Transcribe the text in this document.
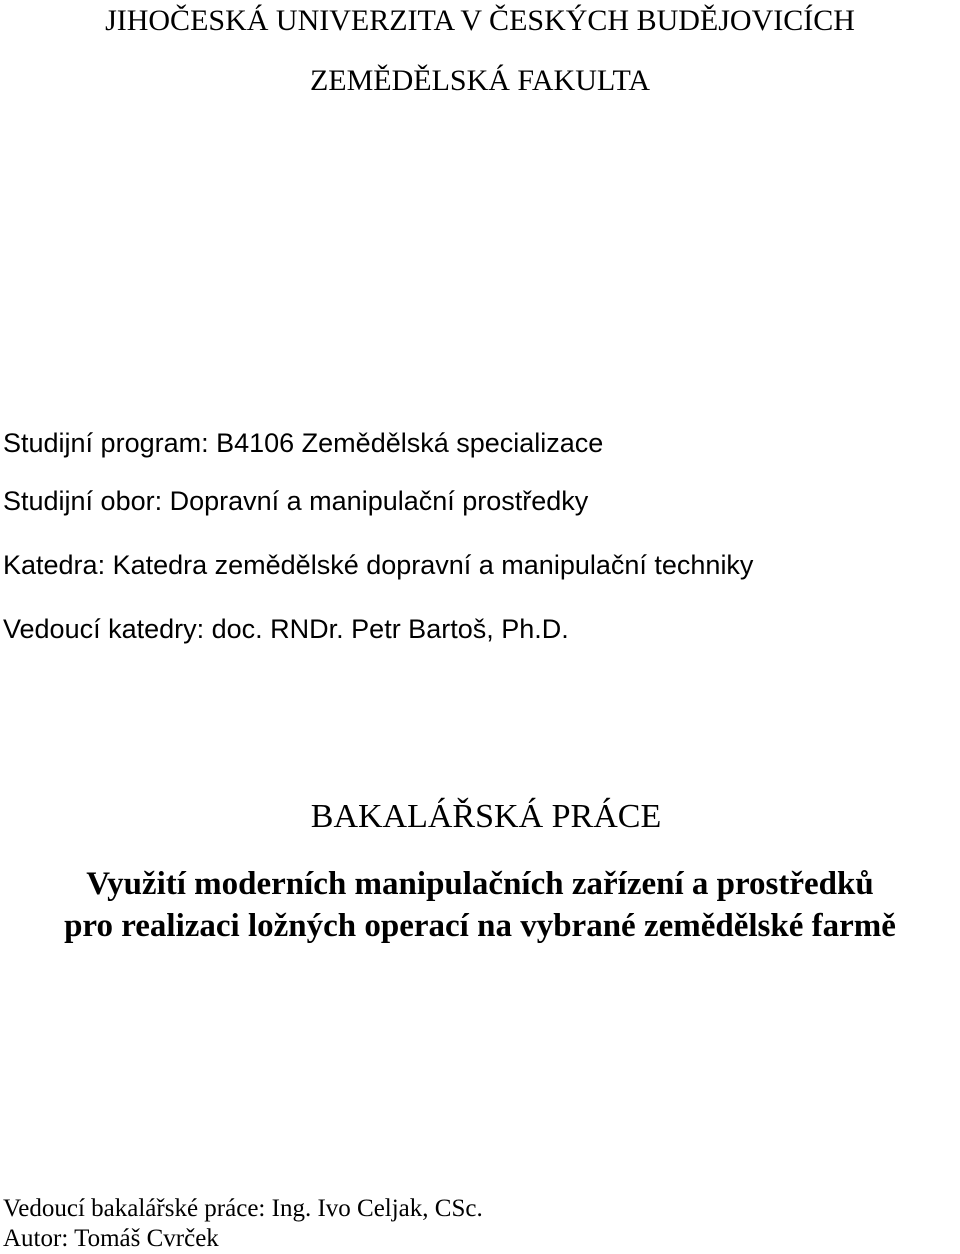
JIHOČESKÁ UNIVERZITA V ČESKÝCH BUDĚJOVICÍCH
ZEMĚDĚLSKÁ FAKULTA
Studijní program: B4106 Zemědělská specializace
Studijní obor: Dopravní a manipulační prostředky
Katedra: Katedra zemědělské dopravní a manipulační techniky
Vedoucí katedry: doc. RNDr. Petr Bartoš, Ph.D.
BAKALÁŘSKÁ PRÁCE
Využití moderních manipulačních zařízení a prostředků
pro realizaci ložných operací na vybrané zemědělské farmě
Vedoucí bakalářské práce: Ing. Ivo Celjak, CSc.
Autor: Tomáš Cvrček
